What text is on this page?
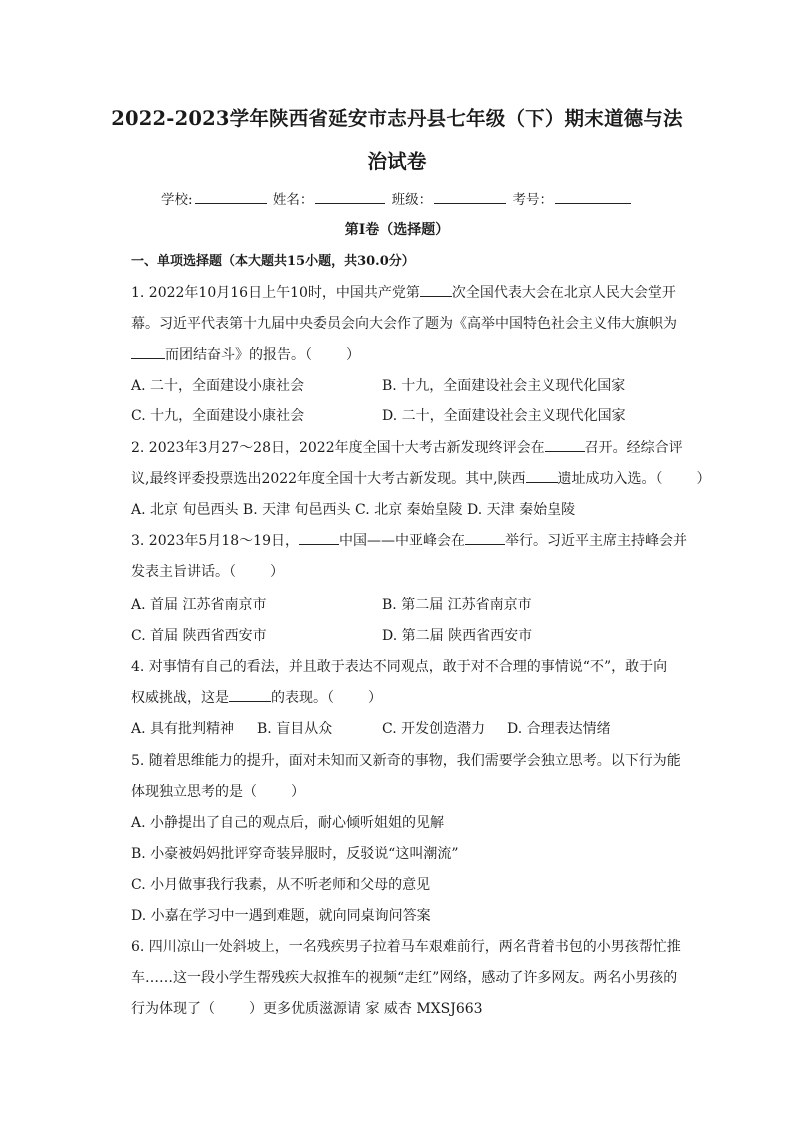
2022-2023学年陕西省延安市志丹县七年级（下）期末道德与法
治试卷
学校:	姓名：	班级：	考号：
第I卷（选择题）
一、单项选择题（本大题共15小题，共30.0分）
1. 2022年10月16日上午10时，中国共产党第 次全国代表大会在北京人民大会堂开
幕。习近平代表第十九届中央委员会向大会作了题为《高举中国特色社会主义伟大旗帜为
而团结奋斗》的报告。（ ）
A. 二十，全面建设小康社会	B. 十九，全面建设社会主义现代化国家
C. 十九，全面建设小康社会	D. 二十，全面建设社会主义现代化国家
2. 2023年3月27～28日，2022年度全国十大考古新发现终评会在	召开。经综合评
议,最终评委投票选出2022年度全国十大考古新发现。其中,陕西 遗址成功入选。（ ）
A. 北京 旬邑西头 B. 天津 旬邑西头 C. 北京 秦始皇陵 D. 天津 秦始皇陵
3. 2023年5月18～19日，	中国——中亚峰会在	举行。习近平主席主持峰会并
发表主旨讲话。（ ）
A. 首届 江苏省南京市	B. 第二届 江苏省南京市
C. 首届 陕西省西安市	D. 第二届 陕西省西安市
4. 对事情有自己的看法，并且敢于表达不同观点，敢于对不合理的事情说“不”，敢于向
权威挑战，这是	的表现。（ ）
A. 具有批判精神 B. 盲目从众	C. 开发创造潜力 D. 合理表达情绪
5. 随着思维能力的提升，面对未知而又新奇的事物，我们需要学会独立思考。以下行为能
体现独立思考的是（ ）
A. 小静提出了自己的观点后，耐心倾听姐姐的见解
B. 小豪被妈妈批评穿奇装异服时，反驳说“这叫潮流”
C. 小月做事我行我素，从不听老师和父母的意见
D. 小嘉在学习中一遇到难题，就向同桌询问答案
6. 四川凉山一处斜坡上，一名残疾男子拉着马车艰难前行，两名背着书包的小男孩帮忙推
车……这一段小学生帮残疾大叔推车的视频“走红”网络，感动了许多网友。两名小男孩的
行为体现了（ ）更多优质滋源请 家 威杏 MXSJ663
